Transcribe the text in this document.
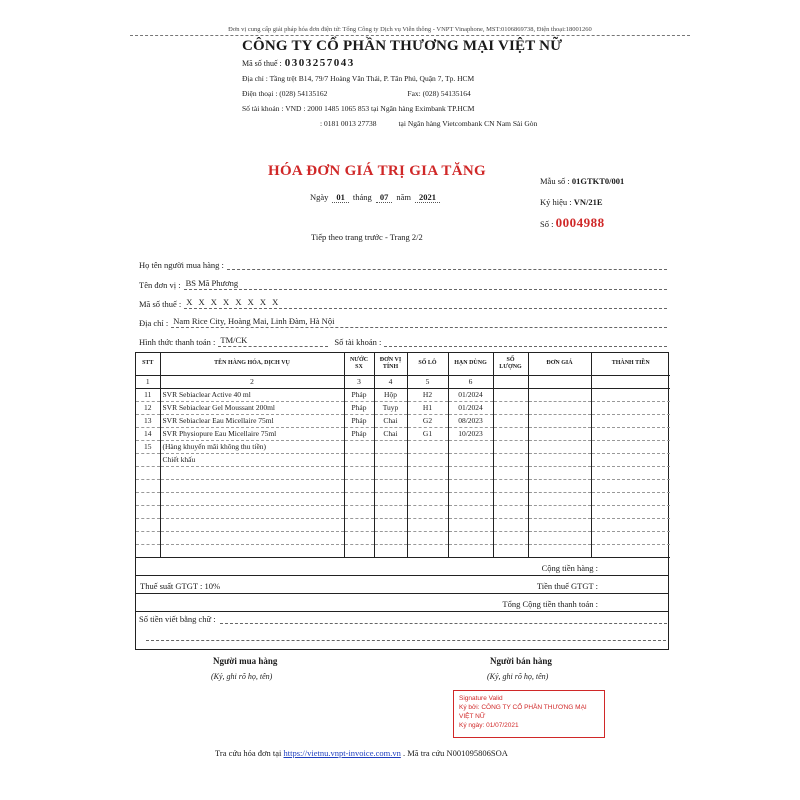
Đơn vị cung cấp giải pháp hóa đơn điện tử: Tổng Công ty Dịch vụ Viễn thông - VNPT Vinaphone, MST:0106869738, Điện thoại:18001260
CÔNG TY CỔ PHẦN THƯƠNG MẠI VIỆT NỮ
Mã số thuế : 0303257043
Địa chỉ : Tầng trệt B14, 79/7 Hoàng Văn Thái, P. Tân Phú, Quận 7, Tp. HCM
Điện thoại : (028) 54135162	Fax: (028) 54135164
Số tài khoản : VND : 2000 1485 1065 853 tại Ngân hàng Eximbank TP.HCM
: 0181 0013 27738	tại Ngân hàng Vietcombank CN Nam Sài Gòn
HÓA ĐƠN GIÁ TRỊ GIA TĂNG
Ngày 01 tháng 07 năm 2021
Tiếp theo trang trước - Trang 2/2
Mẫu số : 01GTKT0/001
Ký hiệu : VN/21E
Số : 0004988
Họ tên người mua hàng :
Tên đơn vị : BS Mã Phương
Mã số thuế : X X X X X X X X
Địa chỉ : Nam Rice City, Hoàng Mai, Linh Đàm, Hà Nội
Hình thức thanh toán : TM/CK	Số tài khoản :
STT	TÊN HÀNG HÓA, DỊCH VỤ	NƯỚC SX	ĐƠN VỊ TÍNH	SỐ LÔ	HẠN DÙNG	SỐ LƯỢNG	ĐƠN GIÁ	THÀNH TIỀN
1	2	3	4	5	6			
11	SVR Sebiaclear Active 40 ml	Pháp	Hộp	H2	01/2024			
12	SVR Sebiaclear Gel Moussant 200ml	Pháp	Tuyp	H1	01/2024			
13	SVR Sebiaclear Eau Micellaire 75ml	Pháp	Chai	G2	08/2023			
14	SVR Physiopure Eau Micellaire 75ml	Pháp	Chai	G1	10/2023			
15	(Hàng khuyến mãi không thu tiền)							
	Chiết khấu							

Cộng tiền hàng :
Thuế suất GTGT : 10%	Tiền thuế GTGT :
Tổng Cộng tiền thanh toán :
Số tiền viết bằng chữ :
Người mua hàng
(Ký, ghi rõ họ, tên)
Người bán hàng
(Ký, ghi rõ họ, tên)
Signature Valid
Ký bởi: CÔNG TY CỔ PHẦN THƯƠNG MẠI VIỆT NỮ
Ký ngày: 01/07/2021
Tra cứu hóa đơn tại https://vietnu.vnpt-invoice.com.vn . Mã tra cứu N001095806SOA
